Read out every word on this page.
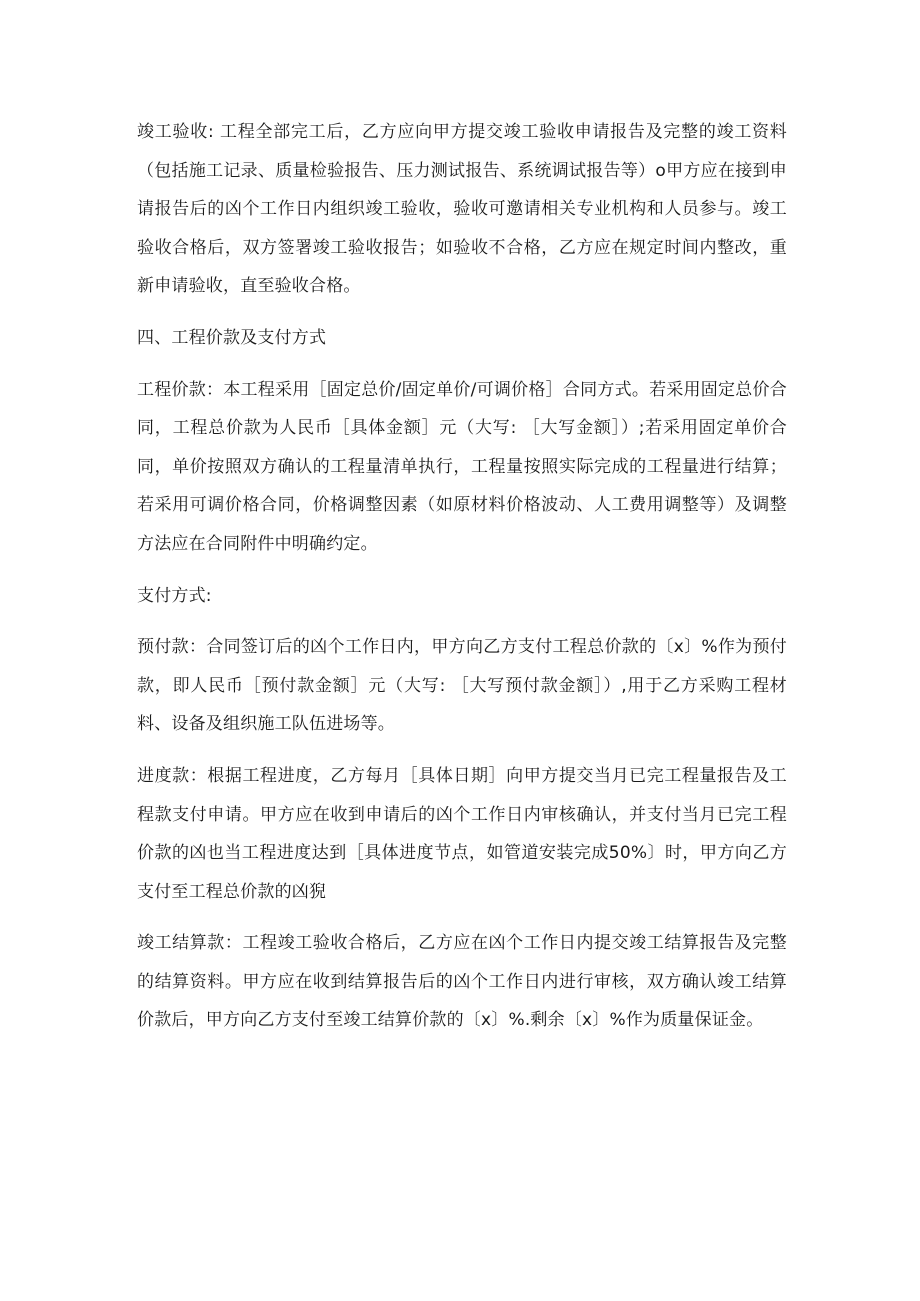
竣工验收: 工程全部完工后，乙方应向甲方提交竣工验收申请报告及完整的竣工资料（包括施工记录、质量检验报告、压力测试报告、系统调试报告等）o甲方应在接到申请报告后的凶个工作日内组织竣工验收，验收可邀请相关专业机构和人员参与。竣工验收合格后，双方签署竣工验收报告；如验收不合格，乙方应在规定时间内整改，重新申请验收，直至验收合格。

四、工程价款及支付方式

工程价款：本工程采用［固定总价/固定单价/可调价格］合同方式。若采用固定总价合同，工程总价款为人民币［具体金额］元（大写: ［大写金额］）;若采用固定单价合同，单价按照双方确认的工程量清单执行，工程量按照实际完成的工程量进行结算；若采用可调价格合同，价格调整因素（如原材料价格波动、人工费用调整等）及调整方法应在合同附件中明确约定。

支付方式:

预付款：合同签订后的凶个工作日内，甲方向乙方支付工程总价款的〔x〕%作为预付款，即人民币［预付款金额］元（大写: ［大写预付款金额］）,用于乙方采购工程材料、设备及组织施工队伍进场等。

进度款：根据工程进度，乙方每月［具体日期］向甲方提交当月已完工程量报告及工程款支付申请。甲方应在收到申请后的凶个工作日内审核确认，并支付当月已完工程价款的凶也当工程进度达到［具体进度节点，如管道安装完成50%〕时，甲方向乙方支付至工程总价款的凶猊

竣工结算款：工程竣工验收合格后，乙方应在凶个工作日内提交竣工结算报告及完整的结算资料。甲方应在收到结算报告后的凶个工作日内进行审核，双方确认竣工结算价款后，甲方向乙方支付至竣工结算价款的〔x〕%.剩余〔x〕%作为质量保证金。
